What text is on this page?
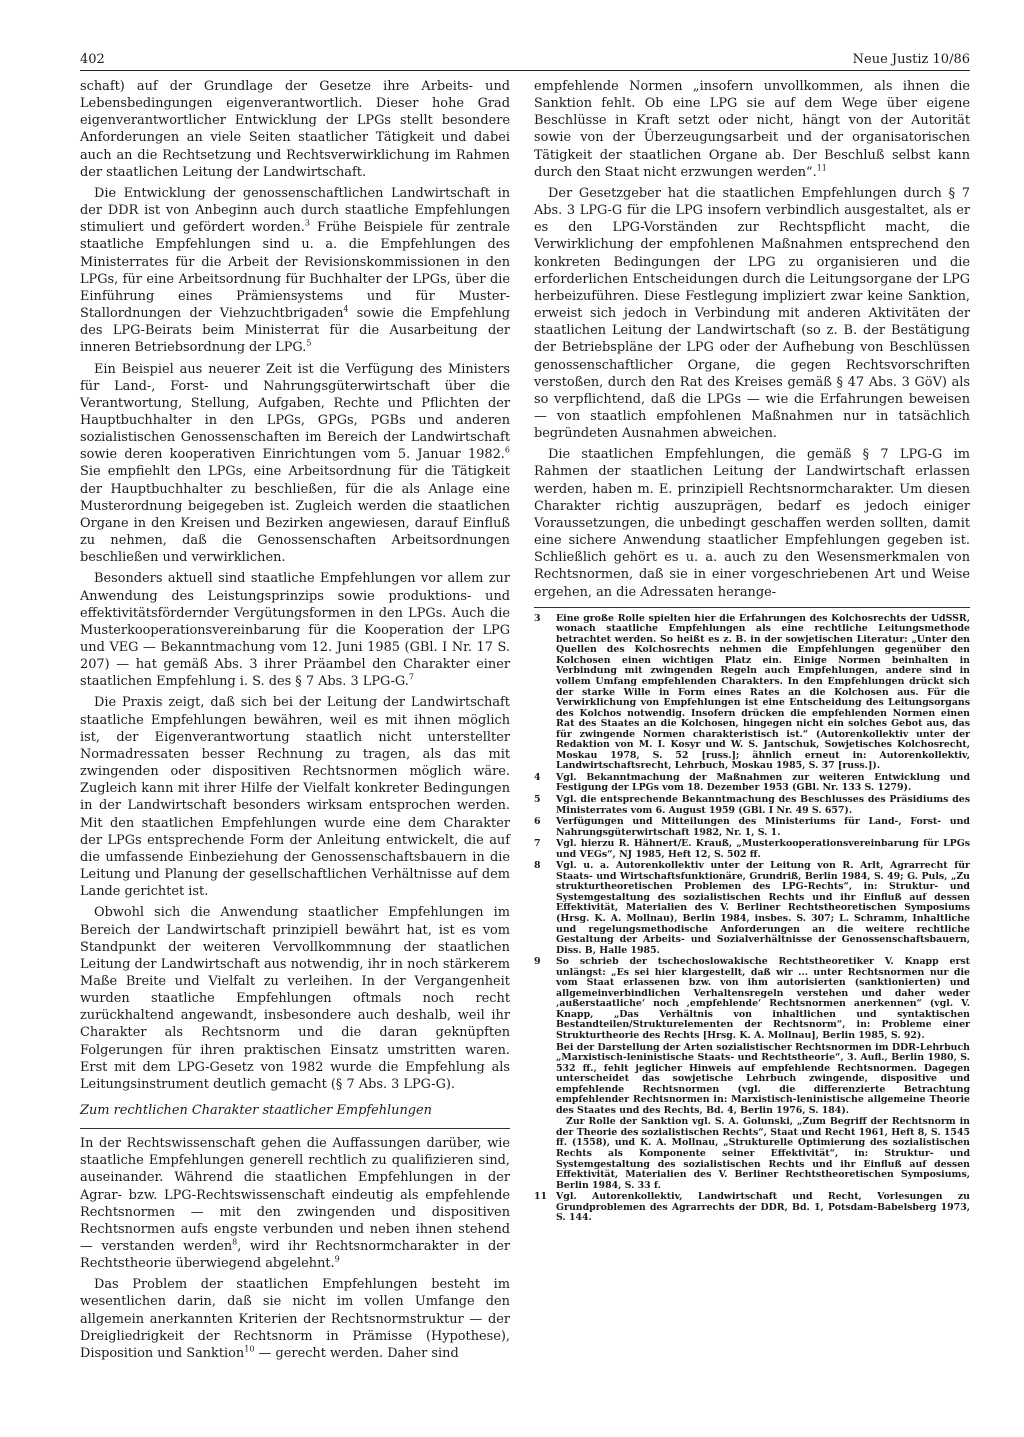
402	Neue Justiz 10/86

schaft) auf der Grundlage der Gesetze ihre Arbeits- und Lebensbedingungen eigenverantwortlich. Dieser hohe Grad eigenverantwortlicher Entwicklung der LPGs stellt besondere Anforderungen an viele Seiten staatlicher Tätigkeit und dabei auch an die Rechtsetzung und Rechtsverwirklichung im Rahmen der staatlichen Leitung der Landwirtschaft.

Die Entwicklung der genossenschaftlichen Landwirtschaft in der DDR ist von Anbeginn auch durch staatliche Empfehlungen stimuliert und gefördert worden.$^3$ Frühe Beispiele für zentrale staatliche Empfehlungen sind u. a. die Empfehlungen des Ministerrates für die Arbeit der Revisionskommissionen in den LPGs, für eine Arbeitsordnung für Buchhalter der LPGs, über die Einführung eines Prämiensystems und für Muster-Stallordnungen der Viehzuchtbrigaden$^4$ sowie die Empfehlung des LPG-Beirats beim Ministerrat für die Ausarbeitung der inneren Betriebsordnung der LPG.$^5$

Ein Beispiel aus neuerer Zeit ist die Verfügung des Ministers für Land-, Forst- und Nahrungsgüterwirtschaft über die Verantwortung, Stellung, Aufgaben, Rechte und Pflichten der Hauptbuchhalter in den LPGs, GPGs, PGBs und anderen sozialistischen Genossenschaften im Bereich der Landwirtschaft sowie deren kooperativen Einrichtungen vom 5. Januar 1982.$^6$ Sie empfiehlt den LPGs, eine Arbeitsordnung für die Tätigkeit der Hauptbuchhalter zu beschließen, für die als Anlage eine Musterordnung beigegeben ist. Zugleich werden die staatlichen Organe in den Kreisen und Bezirken angewiesen, darauf Einfluß zu nehmen, daß die Genossenschaften Arbeitsordnungen beschließen und verwirklichen.

Besonders aktuell sind staatliche Empfehlungen vor allem zur Anwendung des Leistungsprinzips sowie produktions- und effektivitätsfördernder Vergütungsformen in den LPGs. Auch die Musterkooperationsvereinbarung für die Kooperation der LPG und VEG — Bekanntmachung vom 12. Juni 1985 (GBl. I Nr. 17 S. 207) — hat gemäß Abs. 3 ihrer Präambel den Charakter einer staatlichen Empfehlung i. S. des § 7 Abs. 3 LPG-G.$^7$

Die Praxis zeigt, daß sich bei der Leitung der Landwirtschaft staatliche Empfehlungen bewähren, weil es mit ihnen möglich ist, der Eigenverantwortung staatlich nicht unterstellter Normadressaten besser Rechnung zu tragen, als das mit zwingenden oder dispositiven Rechtsnormen möglich wäre. Zugleich kann mit ihrer Hilfe der Vielfalt konkreter Bedingungen in der Landwirtschaft besonders wirksam entsprochen werden. Mit den staatlichen Empfehlungen wurde eine dem Charakter der LPGs entsprechende Form der Anleitung entwickelt, die auf die umfassende Einbeziehung der Genossenschaftsbauern in die Leitung und Planung der gesellschaftlichen Verhältnisse auf dem Lande gerichtet ist.

Obwohl sich die Anwendung staatlicher Empfehlungen im Bereich der Landwirtschaft prinzipiell bewährt hat, ist es vom Standpunkt der weiteren Vervollkommnung der staatlichen Leitung der Landwirtschaft aus notwendig, ihr in noch stärkerem Maße Breite und Vielfalt zu verleihen. In der Vergangenheit wurden staatliche Empfehlungen oftmals noch recht zurückhaltend angewandt, insbesondere auch deshalb, weil ihr Charakter als Rechtsnorm und die daran geknüpften Folgerungen für ihren praktischen Einsatz umstritten waren. Erst mit dem LPG-Gesetz von 1982 wurde die Empfehlung als Leitungsinstrument deutlich gemacht (§ 7 Abs. 3 LPG-G).

Zum rechtlichen Charakter staatlicher Empfehlungen

In der Rechtswissenschaft gehen die Auffassungen darüber, wie staatliche Empfehlungen generell rechtlich zu qualifizieren sind, auseinander. Während die staatlichen Empfehlungen in der Agrar- bzw. LPG-Rechtswissenschaft eindeutig als empfehlende Rechtsnormen — mit den zwingenden und dispositiven Rechtsnormen aufs engste verbunden und neben ihnen stehend — verstanden werden$^8$, wird ihr Rechtsnormcharakter in der Rechtstheorie überwiegend abgelehnt.$^9$

Das Problem der staatlichen Empfehlungen besteht im wesentlichen darin, daß sie nicht im vollen Umfange den allgemein anerkannten Kriterien der Rechtsnormstruktur — der Dreigliedrigkeit der Rechtsnorm in Prämisse (Hypothese), Disposition und Sanktion$^{10}$ — gerecht werden. Daher sind

empfehlende Normen „insofern unvollkommen, als ihnen die Sanktion fehlt. Ob eine LPG sie auf dem Wege über eigene Beschlüsse in Kraft setzt oder nicht, hängt von der Autorität sowie von der Überzeugungsarbeit und der organisatorischen Tätigkeit der staatlichen Organe ab. Der Beschluß selbst kann durch den Staat nicht erzwungen werden“.$^{11}$

Der Gesetzgeber hat die staatlichen Empfehlungen durch § 7 Abs. 3 LPG-G für die LPG insofern verbindlich ausgestaltet, als er es den LPG-Vorständen zur Rechtspflicht macht, die Verwirklichung der empfohlenen Maßnahmen entsprechend den konkreten Bedingungen der LPG zu organisieren und die erforderlichen Entscheidungen durch die Leitungsorgane der LPG herbeizuführen. Diese Festlegung impliziert zwar keine Sanktion, erweist sich jedoch in Verbindung mit anderen Aktivitäten der staatlichen Leitung der Landwirtschaft (so z. B. der Bestätigung der Betriebspläne der LPG oder der Aufhebung von Beschlüssen genossenschaftlicher Organe, die gegen Rechtsvorschriften verstoßen, durch den Rat des Kreises gemäß § 47 Abs. 3 GöV) als so verpflichtend, daß die LPGs — wie die Erfahrungen beweisen — von staatlich empfohlenen Maßnahmen nur in tatsächlich begründeten Ausnahmen abweichen.

Die staatlichen Empfehlungen, die gemäß § 7 LPG-G im Rahmen der staatlichen Leitung der Landwirtschaft erlassen werden, haben m. E. prinzipiell Rechtsnormcharakter. Um diesen Charakter richtig auszuprägen, bedarf es jedoch einiger Voraussetzungen, die unbedingt geschaffen werden sollten, damit eine sichere Anwendung staatlicher Empfehlungen gegeben ist. Schließlich gehört es u. a. auch zu den Wesensmerkmalen von Rechtsnormen, daß sie in einer vorgeschriebenen Art und Weise ergehen, an die Adressaten herange-

3	Eine große Rolle spielten hier die Erfahrungen des Kolchosrechts der UdSSR, wonach staatliche Empfehlungen als eine rechtliche Leitungsmethode betrachtet werden. So heißt es z. B. in der sowjetischen Literatur: „Unter den Quellen des Kolchosrechts nehmen die Empfehlungen gegenüber den Kolchosen einen wichtigen Platz ein. Einige Normen beinhalten in Verbindung mit zwingenden Regeln auch Empfehlungen, andere sind in vollem Umfang empfehlenden Charakters. In den Empfehlungen drückt sich der starke Wille in Form eines Rates an die Kolchosen aus. Für die Verwirklichung von Empfehlungen ist eine Entscheidung des Leitungsorgans des Kolchos notwendig. Insofern drücken die empfehlenden Normen einen Rat des Staates an die Kolchosen, hingegen nicht ein solches Gebot aus, das für zwingende Normen charakteristisch ist.“ (Autorenkollektiv unter der Redaktion von M. I. Kosyr und W. S. Jantschuk, Sowjetisches Kolchosrecht, Moskau 1978, S. 52 [russ.]; ähnlich erneut in: Autorenkollektiv, Landwirtschaftsrecht, Lehrbuch, Moskau 1985, S. 37 [russ.]).
4	Vgl. Bekanntmachung der Maßnahmen zur weiteren Entwicklung und Festigung der LPGs vom 18. Dezember 1953 (GBl. Nr. 133 S. 1279).
5	Vgl. die entsprechende Bekanntmachung des Beschlusses des Präsidiums des Ministerrates vom 6. August 1959 (GBl. I Nr. 49 S. 657).
6	Verfügungen und Mitteilungen des Ministeriums für Land-, Forst- und Nahrungsgüterwirtschaft 1982, Nr. 1, S. 1.
7	Vgl. hierzu R. Hähnert/E. Krauß, „Musterkooperationsvereinbarung für LPGs und VEGs“, NJ 1985, Heft 12, S. 502 ff.
8	Vgl. u. a. Autorenkollektiv unter der Leitung von R. Arlt, Agrarrecht für Staats- und Wirtschaftsfunktionäre, Grundriß, Berlin 1984, S. 49; G. Puls, „Zu strukturtheoretischen Problemen des LPG-Rechts“, in: Struktur- und Systemgestaltung des sozialistischen Rechts und ihr Einfluß auf dessen Effektivität, Materialien des V. Berliner Rechtstheoretischen Symposiums (Hrsg. K. A. Mollnau), Berlin 1984, insbes. S. 307; L. Schramm, Inhaltliche und regelungsmethodische Anforderungen an die weitere rechtliche Gestaltung der Arbeits- und Sozialverhältnisse der Genossenschaftsbauern, Diss. B, Halle 1985.
9	So schrieb der tschechoslowakische Rechtstheoretiker V. Knapp erst unlängst: „Es sei hier klargestellt, daß wir ... unter Rechtsnormen nur die vom Staat erlassenen bzw. von ihm autorisierten (sanktionierten) und allgemeinverbindlichen Verhaltensregeln verstehen und daher weder ‚außerstaatliche‘ noch ‚empfehlende‘ Rechtsnormen anerkennen“ (vgl. V. Knapp, „Das Verhältnis von inhaltlichen und syntaktischen Bestandteilen/Strukturelementen der Rechtsnorm“, in: Probleme einer Strukturtheorie des Rechts [Hrsg. K. A. Mollnau], Berlin 1985, S. 92).
Bei der Darstellung der Arten sozialistischer Rechtsnormen im DDR-Lehrbuch „Marxistisch-leninistische Staats- und Rechtstheorie“, 3. Aufl., Berlin 1980, S. 532 ff., fehlt jeglicher Hinweis auf empfehlende Rechtsnormen. Dagegen unterscheidet das sowjetische Lehrbuch zwingende, dispositive und empfehlende Rechtsnormen (vgl. die differenzierte Betrachtung empfehlender Rechtsnormen in: Marxistisch-leninistische allgemeine Theorie des Staates und des Rechts, Bd. 4, Berlin 1976, S. 184).
Zur Rolle der Sanktion vgl. S. A. Golunski, „Zum Begriff der Rechtsnorm in der Theorie des sozialistischen Rechts“, Staat und Recht 1961, Heft 8, S. 1545 ff. (1558), und K. A. Mollnau, „Strukturelle Optimierung des sozialistischen Rechts als Komponente seiner Effektivität“, in: Struktur- und Systemgestaltung des sozialistischen Rechts und ihr Einfluß auf dessen Effektivität, Materialien des V. Berliner Rechtstheoretischen Symposiums, Berlin 1984, S. 33 f.
11 Vgl. Autorenkollektiv, Landwirtschaft und Recht, Vorlesungen zu Grundproblemen des Agrarrechts der DDR, Bd. 1, Potsdam-Babelsberg 1973, S. 144.
